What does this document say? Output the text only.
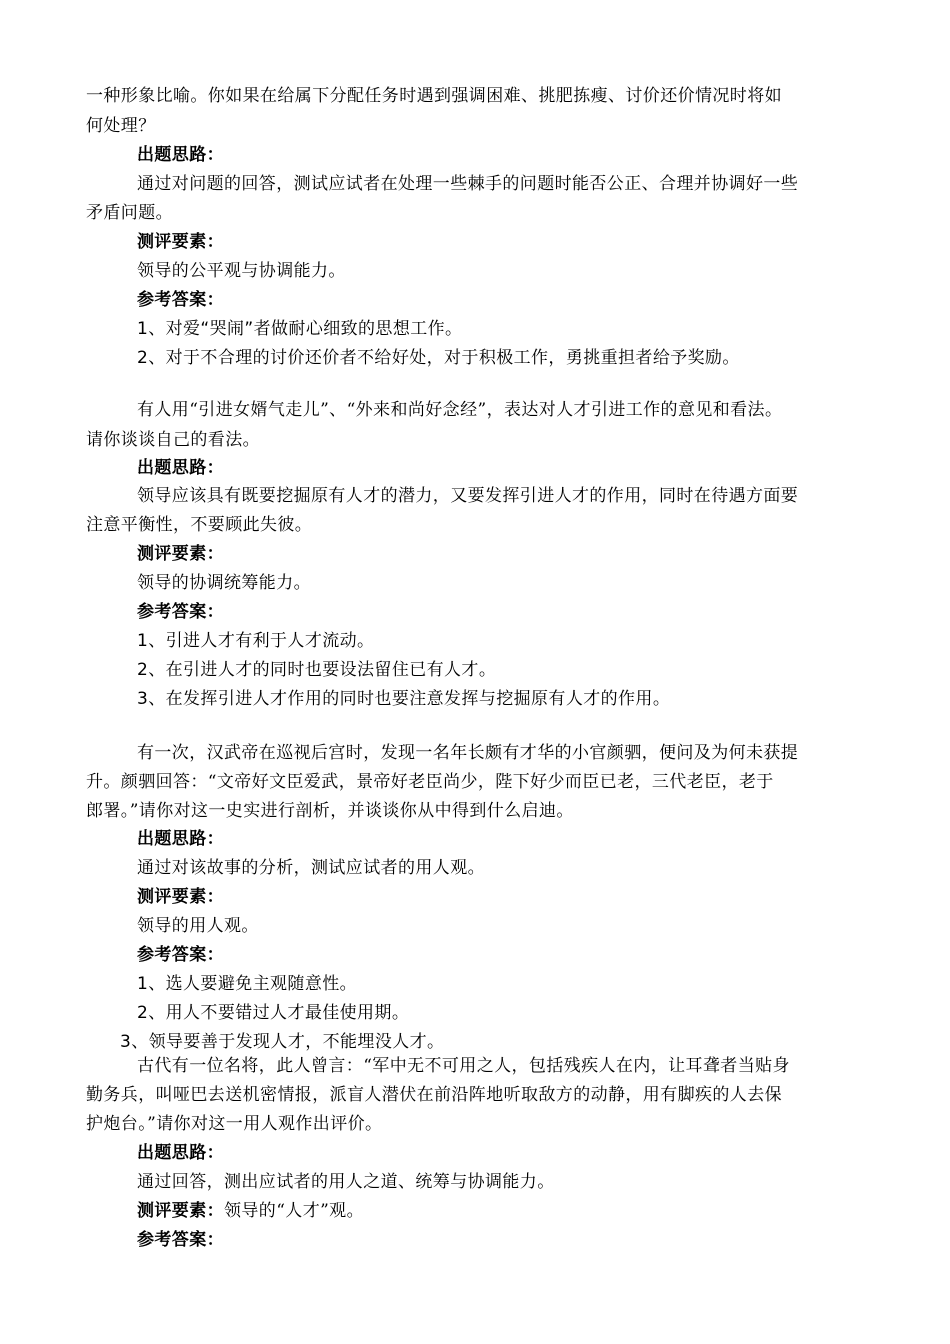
一种形象比喻。你如果在给属下分配任务时遇到强调困难、挑肥拣瘦、讨价还价情况时将如

何处理？

出题思路：

通过对问题的回答，测试应试者在处理一些棘手的问题时能否公正、合理并协调好一些

矛盾问题。

测评要素：

领导的公平观与协调能力。

参考答案：

1、对爱“哭闹”者做耐心细致的思想工作。

2、对于不合理的讨价还价者不给好处，对于积极工作，勇挑重担者给予奖励。

有人用“引进女婿气走儿”、“外来和尚好念经”，表达对人才引进工作的意见和看法。

请你谈谈自己的看法。

出题思路：

领导应该具有既要挖掘原有人才的潜力，又要发挥引进人才的作用，同时在待遇方面要

注意平衡性，不要顾此失彼。

测评要素：

领导的协调统筹能力。

参考答案：

1、引进人才有利于人才流动。

2、在引进人才的同时也要设法留住已有人才。

3、在发挥引进人才作用的同时也要注意发挥与挖掘原有人才的作用。

有一次，汉武帝在巡视后宫时，发现一名年长颇有才华的小官颜驷，便问及为何未获提

升。颜驷回答：“文帝好文臣爱武，景帝好老臣尚少，陛下好少而臣已老，三代老臣，老于

郎署。”请你对这一史实进行剖析，并谈谈你从中得到什么启迪。

出题思路：

通过对该故事的分析，测试应试者的用人观。

测评要素：

领导的用人观。

参考答案：

1、选人要避免主观随意性。

2、用人不要错过人才最佳使用期。

3、领导要善于发现人才，不能埋没人才。

古代有一位名将，此人曾言：“军中无不可用之人，包括残疾人在内，让耳聋者当贴身

勤务兵，叫哑巴去送机密情报，派盲人潜伏在前沿阵地听取敌方的动静，用有脚疾的人去保

护炮台。”请你对这一用人观作出评价。

出题思路：

通过回答，测出应试者的用人之道、统筹与协调能力。

测评要素：领导的“人才”观。

参考答案：
